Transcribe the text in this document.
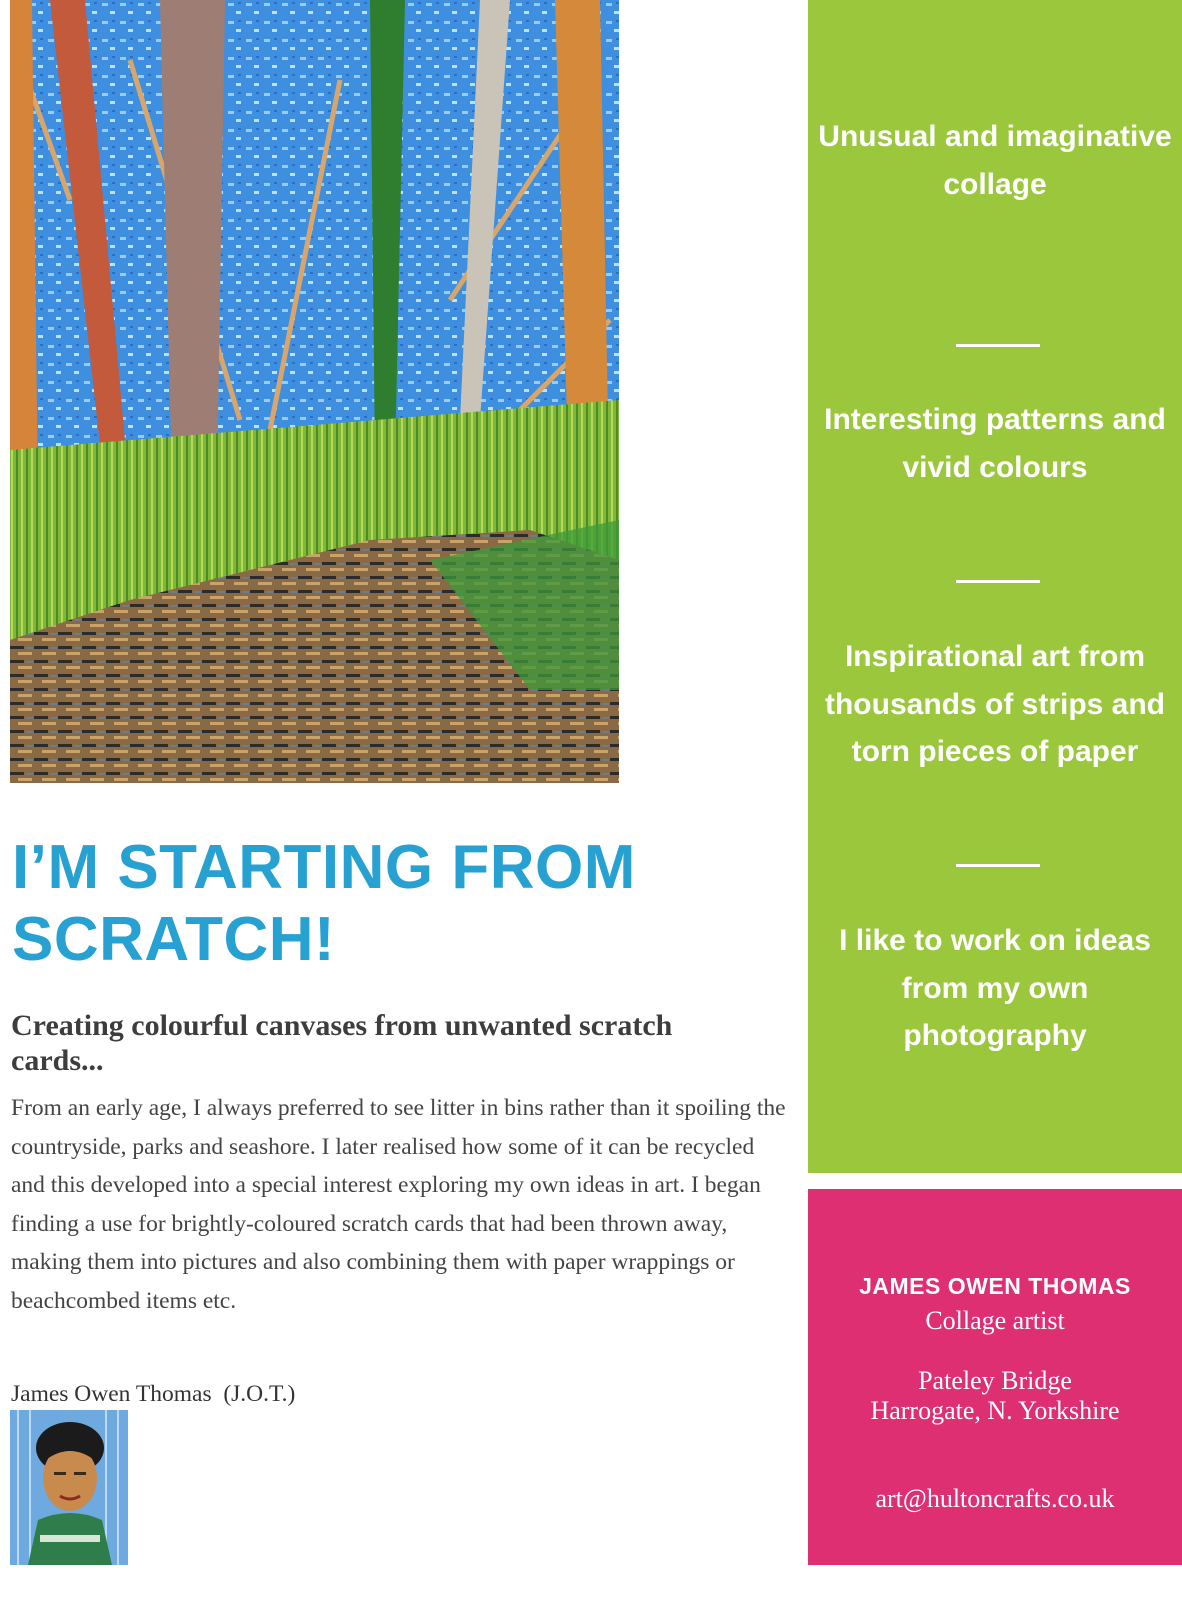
I’M STARTING FROM SCRATCH!
Creating colourful canvases from unwanted scratch cards...

From an early age, I always preferred to see litter in bins rather than it spoiling the countryside, parks and seashore. I later realised how some of it can be recycled and this developed into a special interest exploring my own ideas in art. I began finding a use for brightly-coloured scratch cards that had been thrown away, making them into pictures and also combining them with paper wrappings or beachcombed items etc.

James Owen Thomas  (J.O.T.)

Unusual and imaginative collage

Interesting patterns and vivid colours

Inspirational art from thousands of strips and torn pieces of paper

I like to work on ideas from my own photography

JAMES OWEN THOMAS

Collage artist

Pateley Bridge

Harrogate, N. Yorkshire

art@hultoncrafts.co.uk
